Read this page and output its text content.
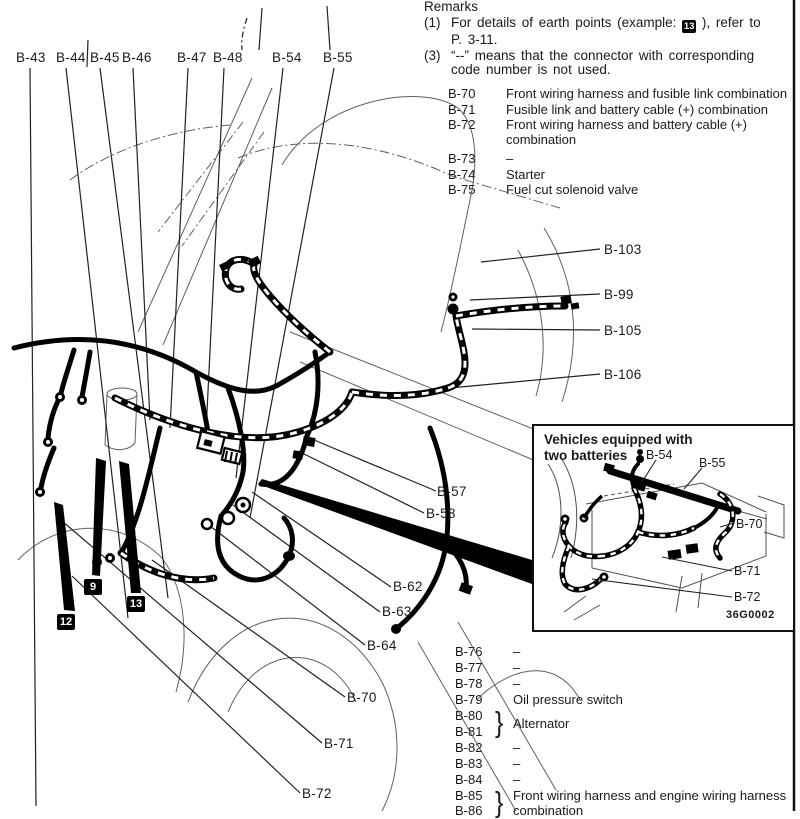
Remarks
(1) For details of earth points (example: 13 ), refer to
P. 3-11.
(3) “--” means that the connector with corresponding
code number is not used.
B-70	Front wiring harness and fusible link combination
B-71	Fusible link and battery cable (+) combination
B-72	Front wiring harness and battery cable (+) combination
B-73	–
B-74	Starter
B-75	Fuel cut solenoid valve
B-76	–
B-77	–
B-78	–
B-79	Oil pressure switch
B-80
B-81 } Alternator
B-82	–
B-83	–
B-84	–
B-85
B-86 } Front wiring harness and engine wiring harness combination
B-43 B-44 B-45 B-46 B-47 B-48 B-54 B-55
B-103
B-99
B-105
B-106
B-57
B-58
B-62
B-63
B-64
B-70
B-71
B-72
9
13
12
Vehicles equipped with
two batteries B-54
B-55
B-70
B-71
B-72
36G0002
